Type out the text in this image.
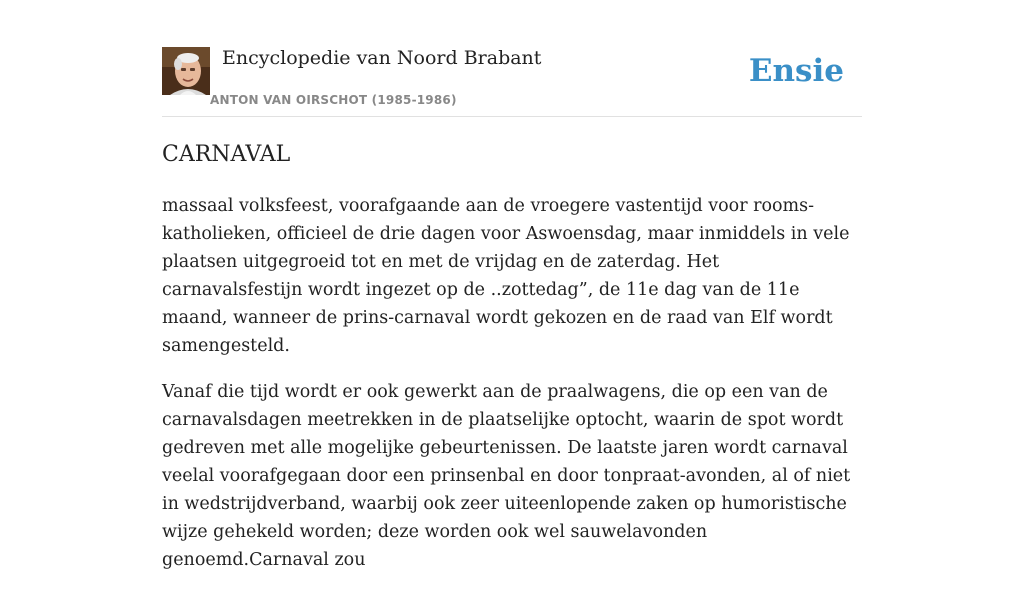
Encyclopedie van Noord Brabant
ANTON VAN OIRSCHOT (1985-1986)
Ensie
CARNAVAL

massaal volksfeest, voorafgaande aan de vroegere vastentijd voor rooms-katholieken, officieel de drie dagen voor Aswoensdag, maar inmiddels in vele plaatsen uitgegroeid tot en met de vrijdag en de zaterdag. Het carnavalsfestijn wordt ingezet op de ..zottedag”, de 11e dag van de 11e maand, wanneer de prins-carnaval wordt gekozen en de raad van Elf wordt samengesteld.

Vanaf die tijd wordt er ook gewerkt aan de praalwagens, die op een van de carnavalsdagen meetrekken in de plaatselijke optocht, waarin de spot wordt gedreven met alle mogelijke gebeurtenissen. De laatste jaren wordt carnaval veelal voorafgegaan door een prinsenbal en door tonpraat-avonden, al of niet in wedstrijdverband, waarbij ook zeer uiteenlopende zaken op humoristische wijze gehekeld worden; deze worden ook wel sauwelavonden genoemd.Carnaval zou
